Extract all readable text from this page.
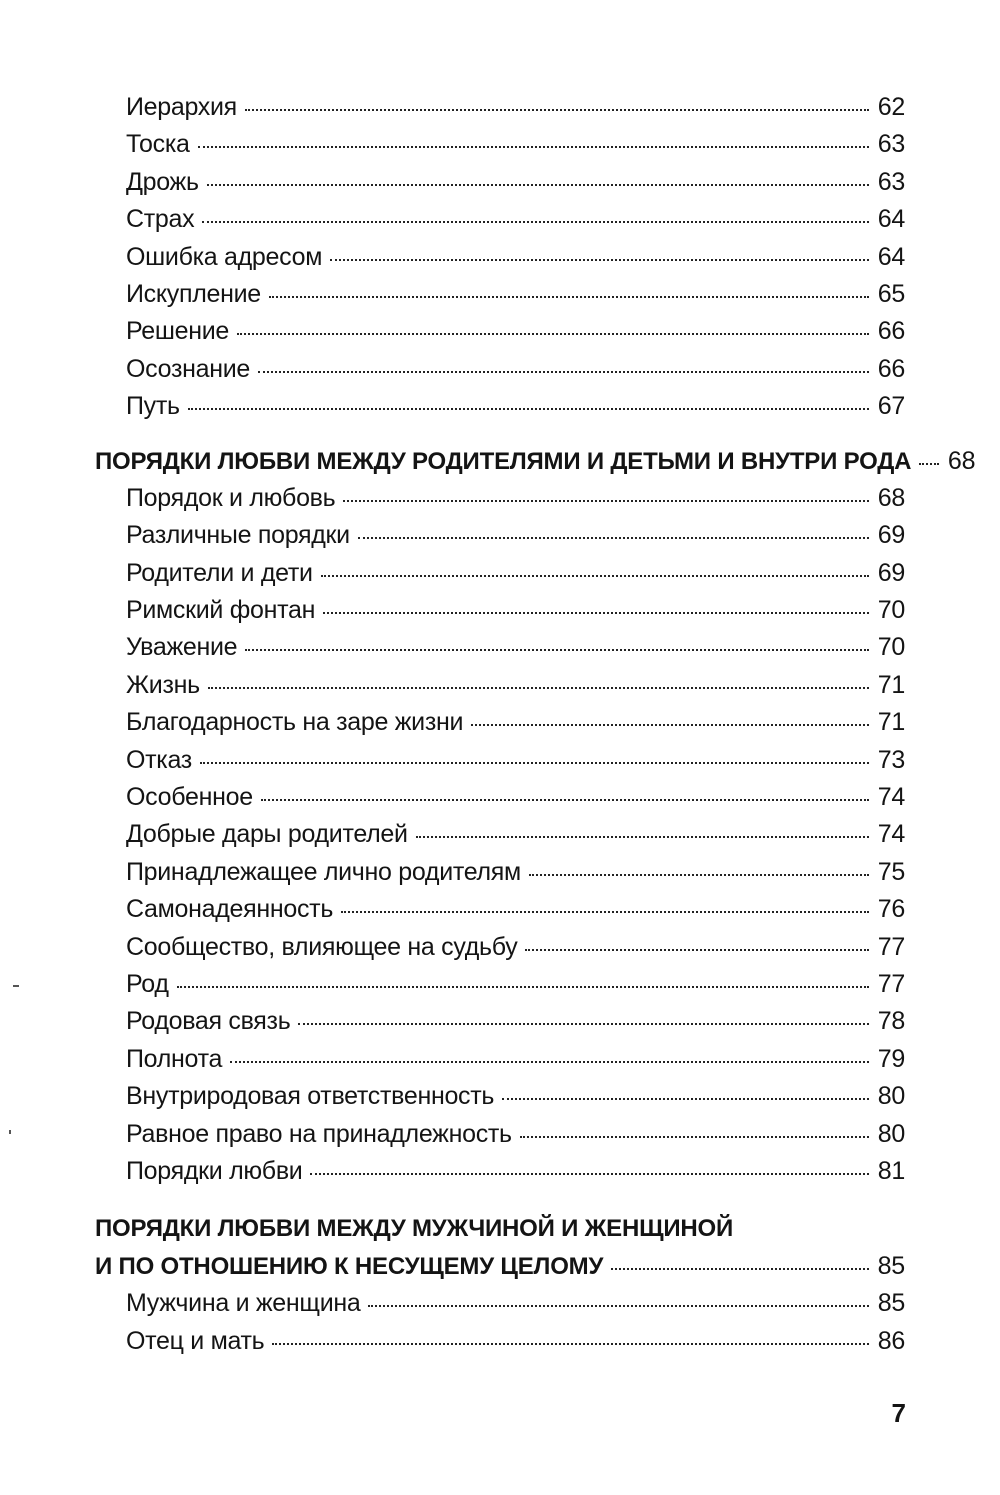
Иерархия	62
Тоска	63
Дрожь	63
Страх	64
Ошибка адресом	64
Искупление	65
Решение	66
Осознание	66
Путь	67
ПОРЯДКИ ЛЮБВИ МЕЖДУ РОДИТЕЛЯМИ И ДЕТЬМИ И ВНУТРИ РОДА 68
Порядок и любовь	68
Различные порядки	69
Родители и дети	69
Римский фонтан	70
Уважение	70
Жизнь	71
Благодарность на заре жизни	71
Отказ	73
Особенное	74
Добрые дары родителей	74
Принадлежащее лично родителям	75
Самонадеянность	76
Сообщество, влияющее на судьбу	77
Род	77
Родовая связь	78
Полнота	79
Внутриродовая ответственность	80
Равное право на принадлежность	80
Порядки любви	81
ПОРЯДКИ ЛЮБВИ МЕЖДУ МУЖЧИНОЙ И ЖЕНЩИНОЙ
И ПО ОТНОШЕНИЮ К НЕСУЩЕМУ ЦЕЛОМУ	85
Мужчина и женщина	85
Отец и мать	86
7
